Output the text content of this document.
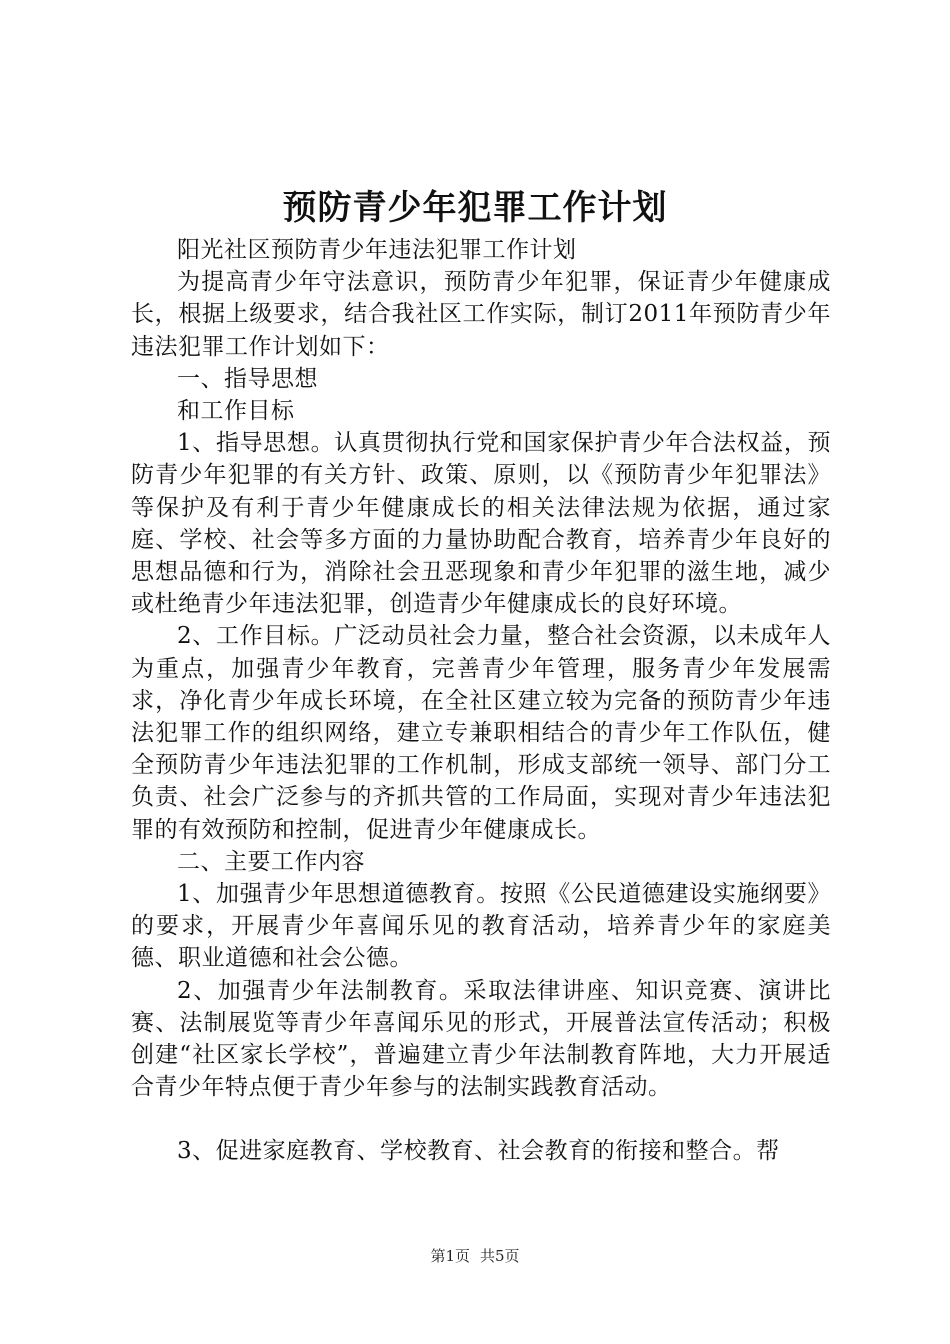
预防青少年犯罪工作计划

阳光社区预防青少年违法犯罪工作计划

为提高青少年守法意识，预防青少年犯罪，保证青少年健康成长，根据上级要求，结合我社区工作实际，制订2011年预防青少年违法犯罪工作计划如下：

一、指导思想

和工作目标

1、指导思想。认真贯彻执行党和国家保护青少年合法权益，预防青少年犯罪的有关方针、政策、原则，以《预防青少年犯罪法》等保护及有利于青少年健康成长的相关法律法规为依据，通过家庭、学校、社会等多方面的力量协助配合教育，培养青少年良好的思想品德和行为，消除社会丑恶现象和青少年犯罪的滋生地，减少或杜绝青少年违法犯罪，创造青少年健康成长的良好环境。

2、工作目标。广泛动员社会力量，整合社会资源，以未成年人为重点，加强青少年教育，完善青少年管理，服务青少年发展需求，净化青少年成长环境，在全社区建立较为完备的预防青少年违法犯罪工作的组织网络，建立专兼职相结合的青少年工作队伍，健全预防青少年违法犯罪的工作机制，形成支部统一领导、部门分工负责、社会广泛参与的齐抓共管的工作局面，实现对青少年违法犯罪的有效预防和控制，促进青少年健康成长。

二、主要工作内容

1、加强青少年思想道德教育。按照《公民道德建设实施纲要》的要求，开展青少年喜闻乐见的教育活动，培养青少年的家庭美德、职业道德和社会公德。

2、加强青少年法制教育。采取法律讲座、知识竞赛、演讲比赛、法制展览等青少年喜闻乐见的形式，开展普法宣传活动；积极创建“社区家长学校”，普遍建立青少年法制教育阵地，大力开展适合青少年特点便于青少年参与的法制实践教育活动。

3、促进家庭教育、学校教育、社会教育的衔接和整合。帮

第1页 共5页
